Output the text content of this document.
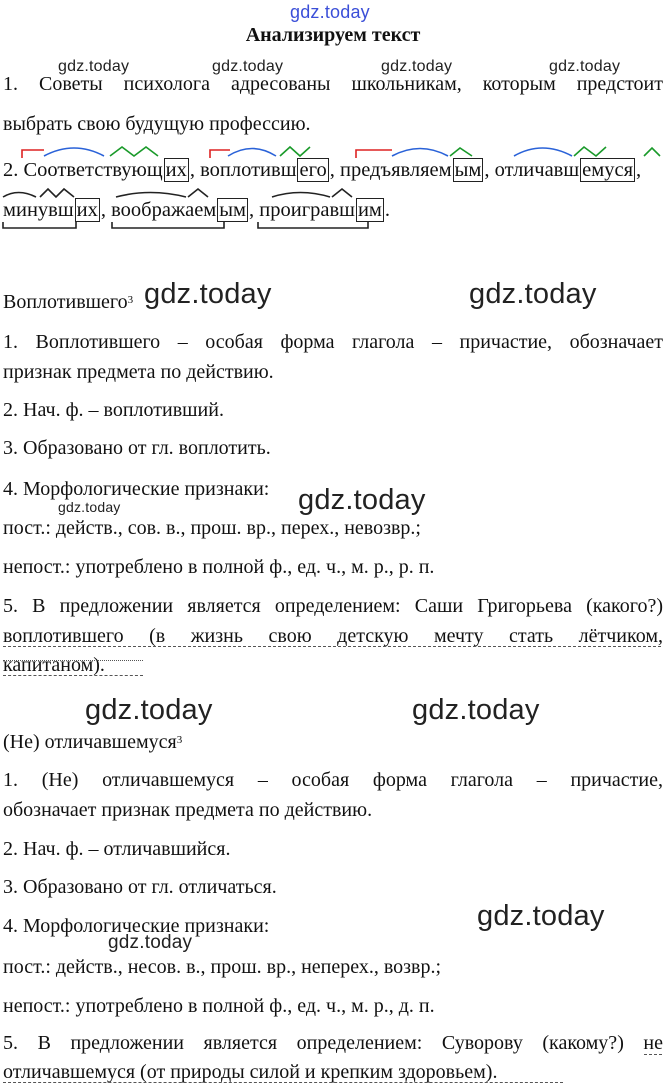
gdz.today
gdz.today	gdz.today	gdz.today	gdz.today
gdz.today	gdz.today
gdz.today
gdz.today
gdz.today	gdz.today
gdz.today
gdz.today
Анализируем текст
1. Советы психолога адресованы школьникам, которым предстоит
выбрать свою будущую профессию.
2. Соответствующ их , воплотивш его , предъявляем ым , отличавш емуся ,
минувш их , воображаем ым , проигравш им .
Воплотившего$^3$
1. Воплотившего – особая форма глагола – причастие, обозначает
признак предмета по действию.
2. Нач. ф. – воплотивший.
3. Образовано от гл. воплотить.
4. Морфологические признаки:
пост.: действ., сов. в., прош. вр., перех., невозвр.;
непост.: употреблено в полной ф., ед. ч., м. р., р. п.
5. В предложении является определением: Саши Григорьева (какого?)
воплотившего (в жизнь свою детскую мечту стать лётчиком,
капитаном).
(Не) отличавшемуся$^3$
1. (Не) отличавшемуся – особая форма глагола – причастие,
обозначает признак предмета по действию.
2. Нач. ф. – отличавшийся.
3. Образовано от гл. отличаться.
4. Морфологические признаки:
пост.: действ., несов. в., прош. вр., неперех., возвр.;
непост.: употреблено в полной ф., ед. ч., м. р., д. п.
5. В предложении является определением: Суворову (какому?) не
отличавшемуся (от природы силой и крепким здоровьем).
